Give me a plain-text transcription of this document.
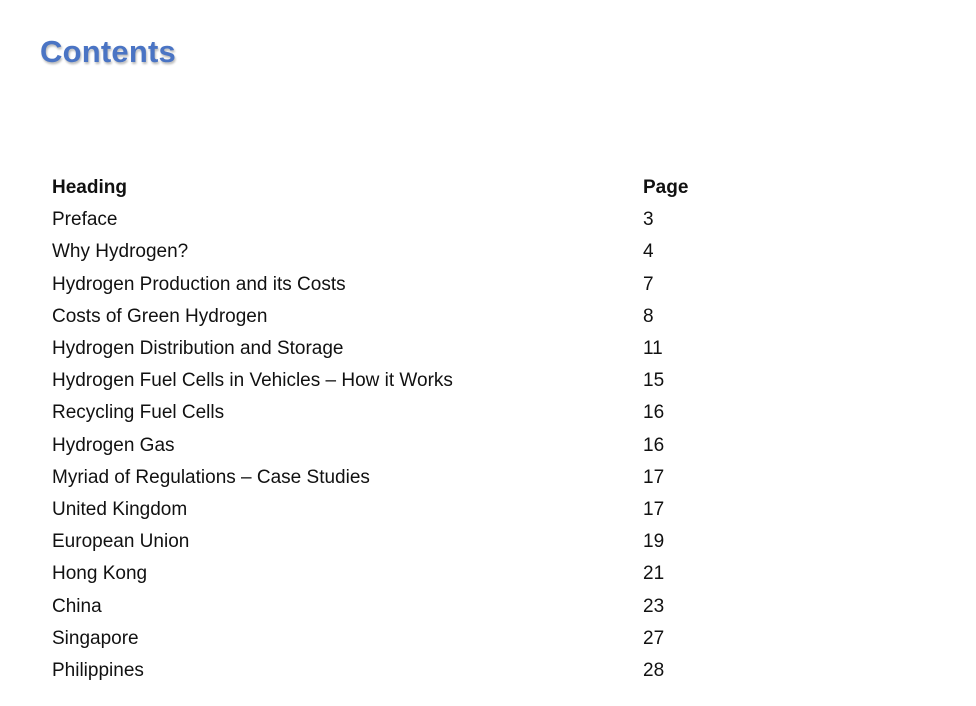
Contents
Heading	Page
Preface	3
Why Hydrogen?	4
Hydrogen Production and its Costs	7
Costs of Green Hydrogen	8
Hydrogen Distribution and Storage	11
Hydrogen Fuel Cells in Vehicles – How it Works	15
Recycling Fuel Cells	16
Hydrogen Gas	16
Myriad of Regulations – Case Studies	17
United Kingdom	17
European Union	19
Hong Kong	21
China	23
Singapore	27
Philippines	28
